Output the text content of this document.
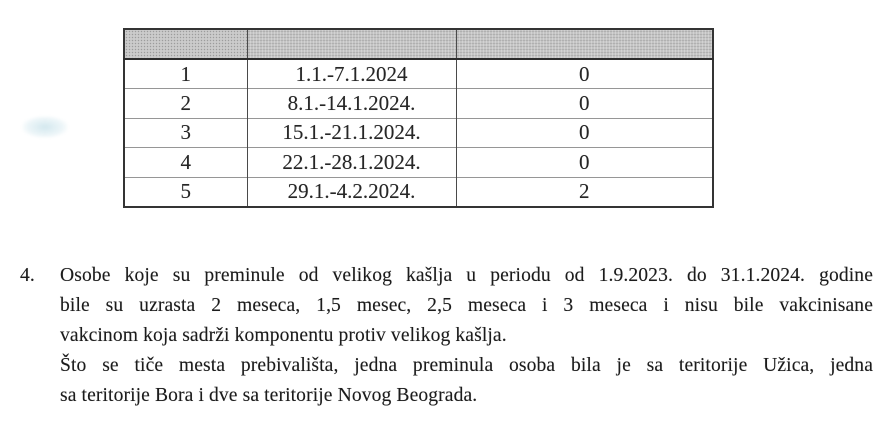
1	1.1.-7.1.2024	0
2	8.1.-14.1.2024.	0
3	15.1.-21.1.2024.	0
4	22.1.-28.1.2024.	0
5	29.1.-4.2.2024.	2
4.	Osobe koje su preminule od velikog kašlja u periodu od 1.9.2023. do 31.1.2024. godine
bile su uzrasta 2 meseca, 1,5 mesec, 2,5 meseca i 3 meseca i nisu bile vakcinisane
vakcinom koja sadrži komponentu protiv velikog kašlja.
Što se tiče mesta prebivališta, jedna preminula osoba bila je sa teritorije Užica, jedna
sa teritorije Bora i dve sa teritorije Novog Beograda.
